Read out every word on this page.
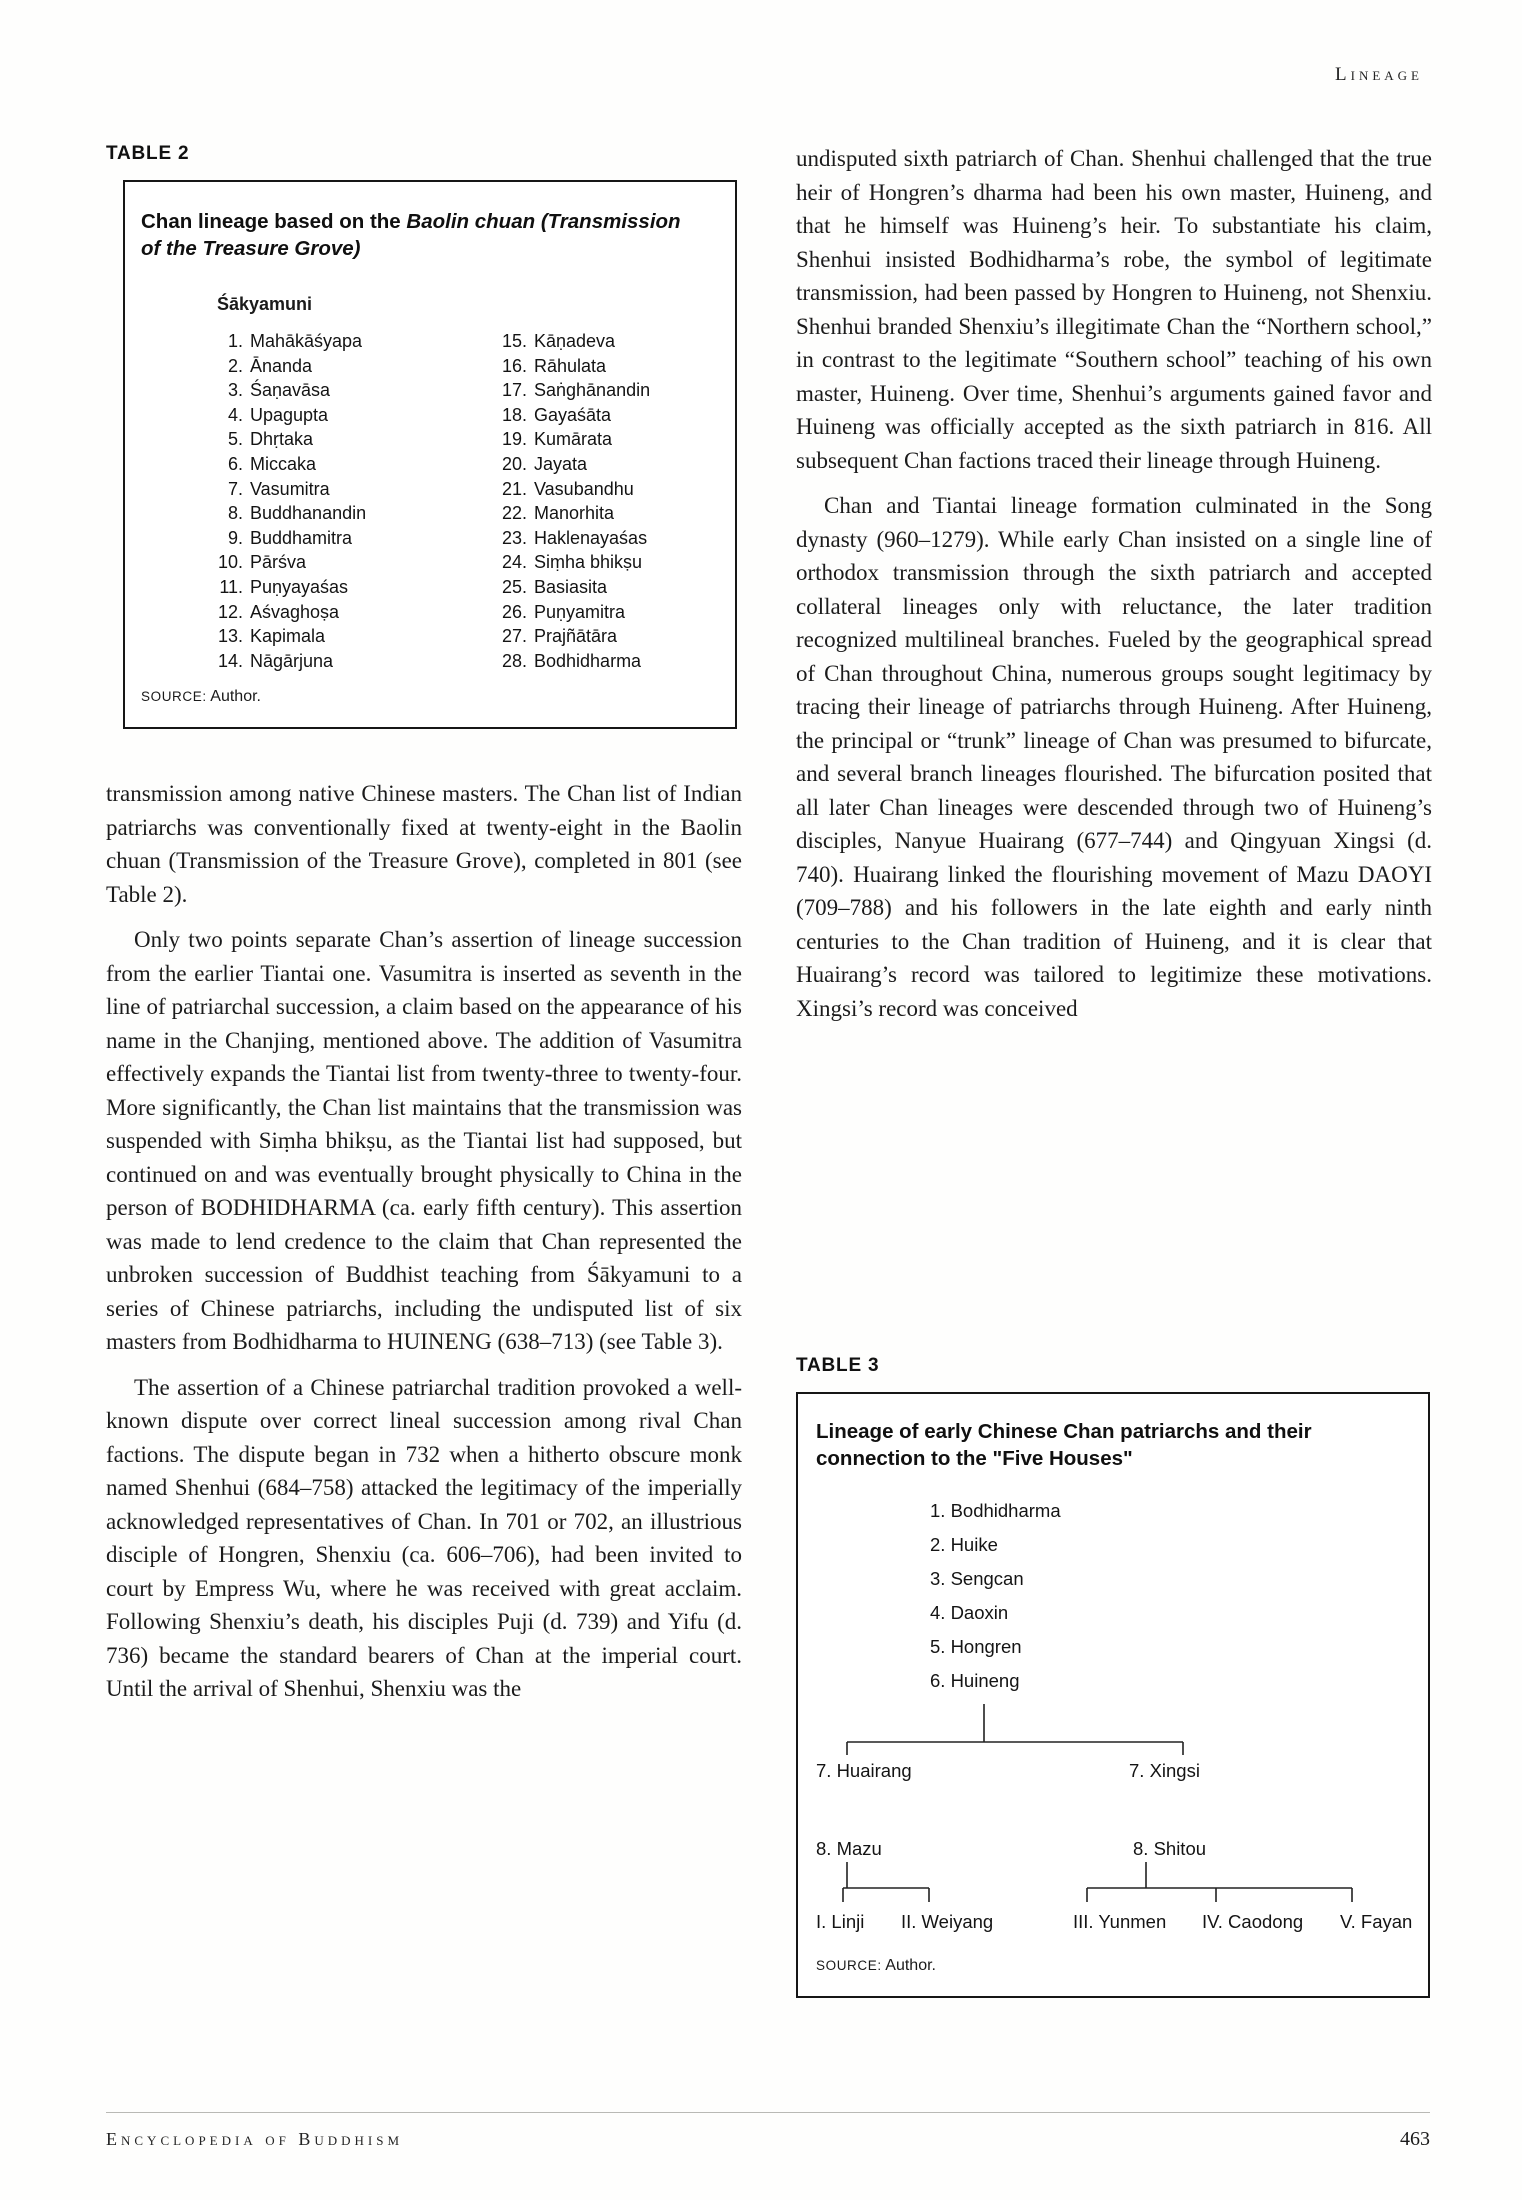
Lineage
TABLE 2
Chan lineage based on the Baolin chuan (Transmission of the Treasure Grove)
Śākyamuni
1. Mahākāśyapa
2. Ānanda
3. Śaṇavāsa
4. Upagupta
5. Dhṛtaka
6. Miccaka
7. Vasumitra
8. Buddhanandin
9. Buddhamitra
10. Pārśva
11. Puṇyayaśas
12. Aśvaghoṣa
13. Kapimala
14. Nāgārjuna
15. Kāṇadeva
16. Rāhulata
17. Saṅghānandin
18. Gayaśāta
19. Kumārata
20. Jayata
21. Vasubandhu
22. Manorhita
23. Haklenayaśas
24. Siṃha bhikṣu
25. Basiasita
26. Puṇyamitra
27. Prajñātāra
28. Bodhidharma
SOURCE: Author.

transmission among native Chinese masters. The Chan list of Indian patriarchs was conventionally fixed at twenty-eight in the Baolin chuan (Transmission of the Treasure Grove), completed in 801 (see Table 2).

Only two points separate Chan’s assertion of lineage succession from the earlier Tiantai one. Vasumitra is inserted as seventh in the line of patriarchal succession, a claim based on the appearance of his name in the Chanjing, mentioned above. The addition of Vasumitra effectively expands the Tiantai list from twenty-three to twenty-four. More significantly, the Chan list maintains that the transmission was suspended with Siṃha bhikṣu, as the Tiantai list had supposed, but continued on and was eventually brought physically to China in the person of BODHIDHARMA (ca. early fifth century). This assertion was made to lend credence to the claim that Chan represented the unbroken succession of Buddhist teaching from Śākyamuni to a series of Chinese patriarchs, including the undisputed list of six masters from Bodhidharma to HUINENG (638–713) (see Table 3).

The assertion of a Chinese patriarchal tradition provoked a well-known dispute over correct lineal succession among rival Chan factions. The dispute began in 732 when a hitherto obscure monk named Shenhui (684–758) attacked the legitimacy of the imperially acknowledged representatives of Chan. In 701 or 702, an illustrious disciple of Hongren, Shenxiu (ca. 606–706), had been invited to court by Empress Wu, where he was received with great acclaim. Following Shenxiu’s death, his disciples Puji (d. 739) and Yifu (d. 736) became the standard bearers of Chan at the imperial court. Until the arrival of Shenhui, Shenxiu was the

undisputed sixth patriarch of Chan. Shenhui challenged that the true heir of Hongren’s dharma had been his own master, Huineng, and that he himself was Huineng’s heir. To substantiate his claim, Shenhui insisted Bodhidharma’s robe, the symbol of legitimate transmission, had been passed by Hongren to Huineng, not Shenxiu. Shenhui branded Shenxiu’s illegitimate Chan the “Northern school,” in contrast to the legitimate “Southern school” teaching of his own master, Huineng. Over time, Shenhui’s arguments gained favor and Huineng was officially accepted as the sixth patriarch in 816. All subsequent Chan factions traced their lineage through Huineng.

Chan and Tiantai lineage formation culminated in the Song dynasty (960–1279). While early Chan insisted on a single line of orthodox transmission through the sixth patriarch and accepted collateral lineages only with reluctance, the later tradition recognized multilineal branches. Fueled by the geographical spread of Chan throughout China, numerous groups sought legitimacy by tracing their lineage of patriarchs through Huineng. After Huineng, the principal or “trunk” lineage of Chan was presumed to bifurcate, and several branch lineages flourished. The bifurcation posited that all later Chan lineages were descended through two of Huineng’s disciples, Nanyue Huairang (677–744) and Qingyuan Xingsi (d. 740). Huairang linked the flourishing movement of Mazu DAOYI (709–788) and his followers in the late eighth and early ninth centuries to the Chan tradition of Huineng, and it is clear that Huairang’s record was tailored to legitimize these motivations. Xingsi’s record was conceived

TABLE 3
Lineage of early Chinese Chan patriarchs and their
connection to the "Five Houses"
1. Bodhidharma
2. Huike
3. Sengcan
4. Daoxin
5. Hongren
6. Huineng
7. Huairang	7. Xingsi
8. Mazu	8. Shitou
I. Linji II. Weiyang	III. Yunmen IV. Caodong V. Fayan
SOURCE: Author.
Encyclopedia of Buddhism	463
